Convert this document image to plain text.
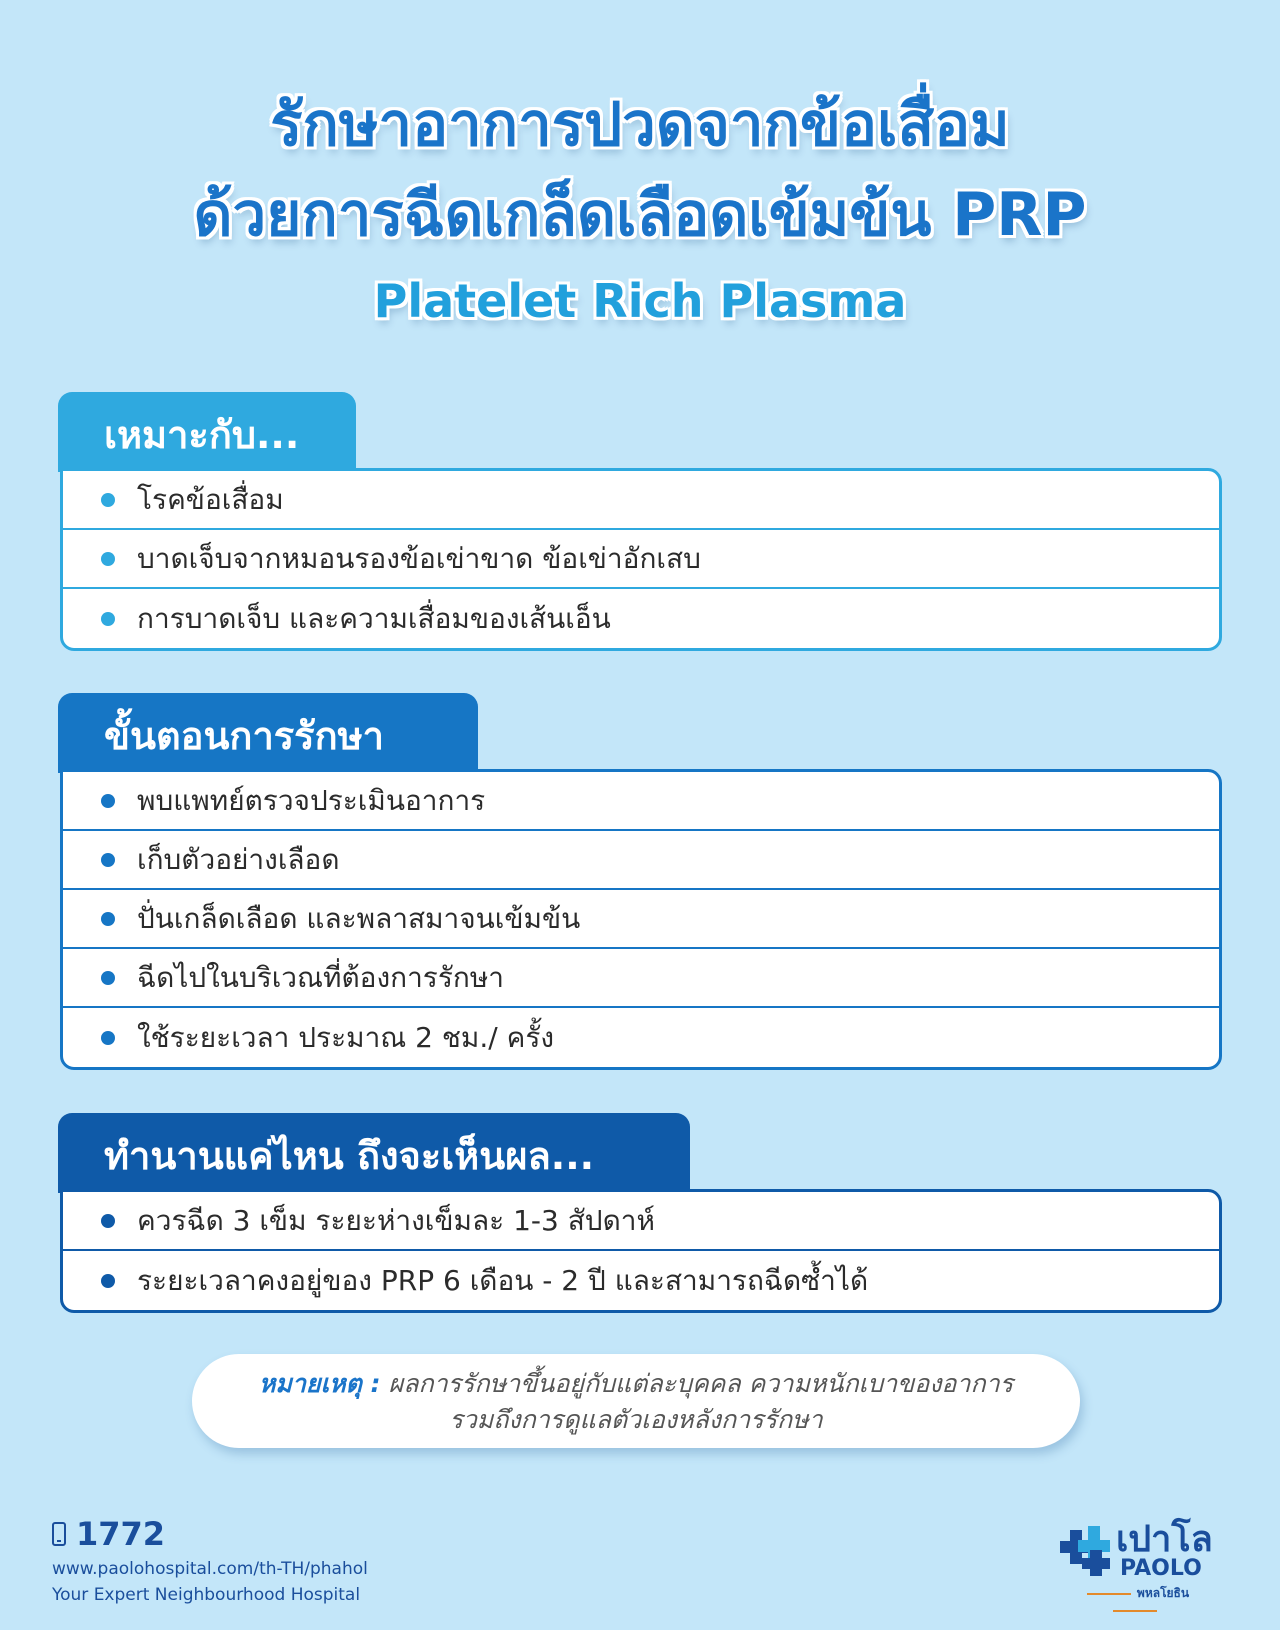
รักษาอาการปวดจากข้อเสื่อม
ด้วยการฉีดเกล็ดเลือดเข้มข้น PRP
Platelet Rich Plasma
เหมาะกับ...
โรคข้อเสื่อม
บาดเจ็บจากหมอนรองข้อเข่าขาด ข้อเข่าอักเสบ
การบาดเจ็บ และความเสื่อมของเส้นเอ็น
ขั้นตอนการรักษา
พบแพทย์ตรวจประเมินอาการ
เก็บตัวอย่างเลือด
ปั่นเกล็ดเลือด และพลาสมาจนเข้มข้น
ฉีดไปในบริเวณที่ต้องการรักษา
ใช้ระยะเวลา ประมาณ 2 ชม./ ครั้ง
ทำนานแค่ไหน ถึงจะเห็นผล...
ควรฉีด 3 เข็ม ระยะห่างเข็มละ 1-3 สัปดาห์
ระยะเวลาคงอยู่ของ PRP 6 เดือน - 2 ปี และสามารถฉีดซ้ำได้
หมายเหตุ : ผลการรักษาขึ้นอยู่กับแต่ละบุคคล ความหนักเบาของอาการ
รวมถึงการดูแลตัวเองหลังการรักษา
1772
www.paolohospital.com/th-TH/phahol
Your Expert Neighbourhood Hospital
เปาโล
PAOLO
พหลโยธิน
